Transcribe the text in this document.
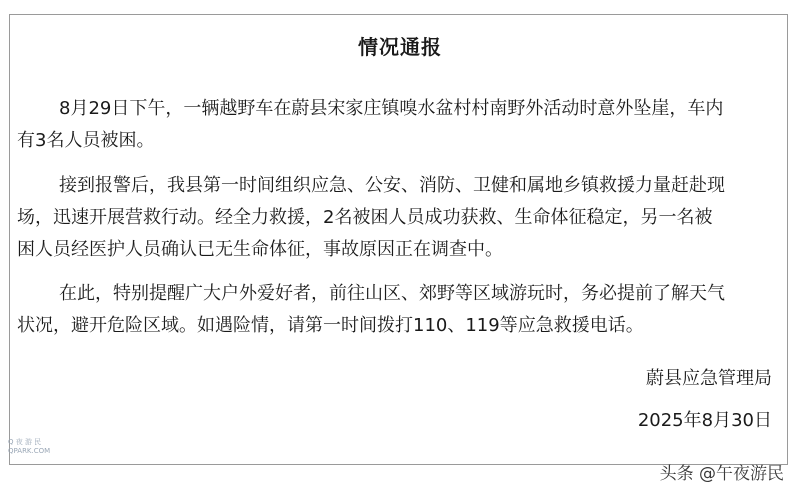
情况通报
8月29日下午，一辆越野车在蔚县宋家庄镇嗅水盆村村南野外活动时意外坠崖，车内
有3名人员被困。
接到报警后，我县第一时间组织应急、公安、消防、卫健和属地乡镇救援力量赶赴现
场，迅速开展营救行动。经全力救援，2名被困人员成功获救、生命体征稳定，另一名被
困人员经医护人员确认已无生命体征，事故原因正在调查中。
在此，特别提醒广大户外爱好者，前往山区、郊野等区域游玩时，务必提前了解天气
状况，避开危险区域。如遇险情，请第一时间拨打110、119等应急救援电话。

蔚县应急管理局

2025年8月30日

Q 夜 游 民
QPARK.COM
头条 @午夜游民
